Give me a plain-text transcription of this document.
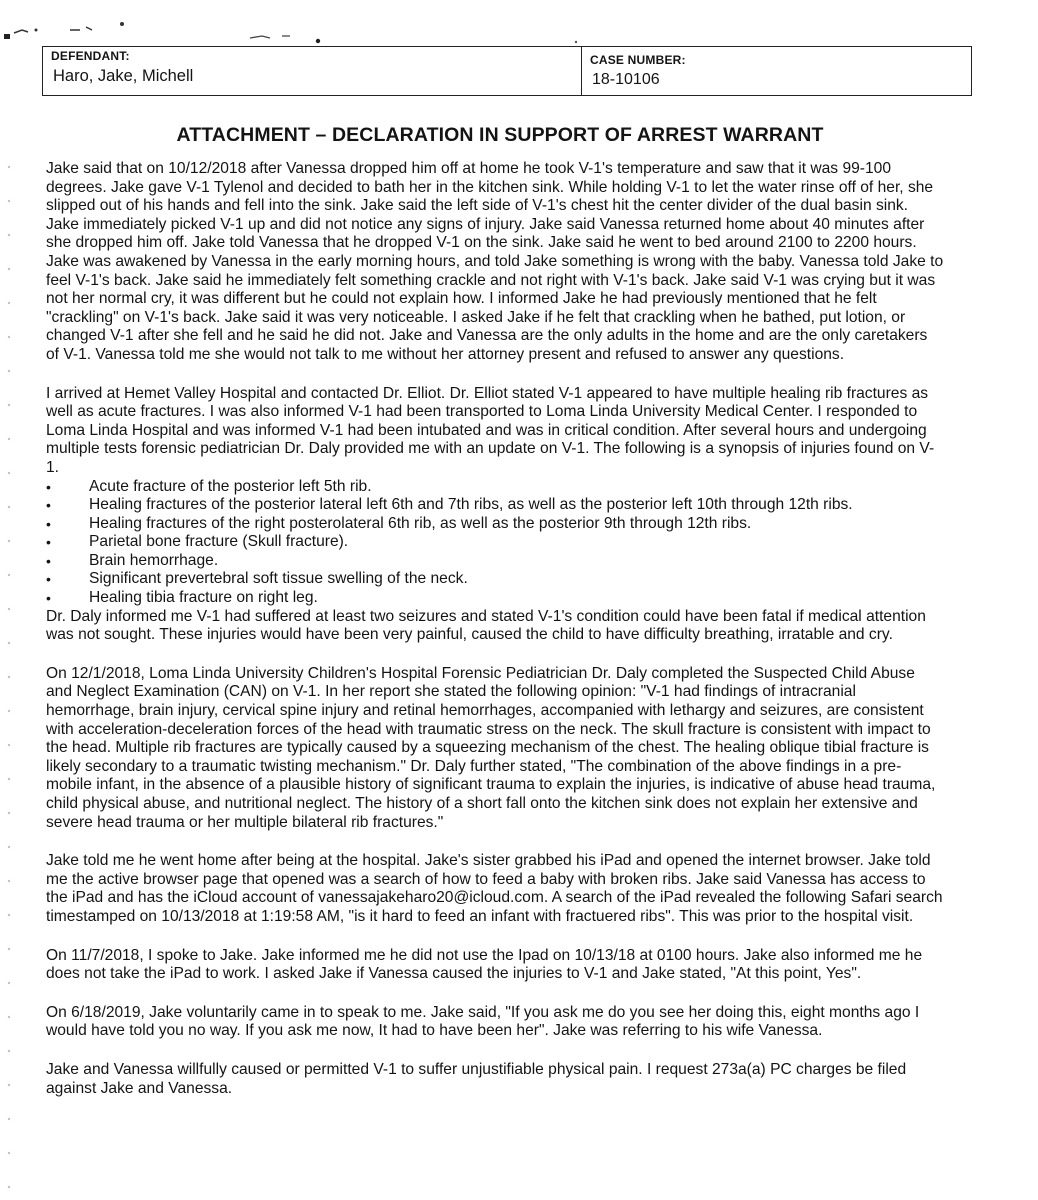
DEFENDANT:
Haro, Jake, Michell
CASE NUMBER:
18-10106
ATTACHMENT – DECLARATION IN SUPPORT OF ARREST WARRANT

Jake said that on 10/12/2018 after Vanessa dropped him off at home he took V-1's temperature and saw that it was 99-100 degrees. Jake gave V-1 Tylenol and decided to bath her in the kitchen sink. While holding V-1 to let the water rinse off of her, she slipped out of his hands and fell into the sink. Jake said the left side of V-1's chest hit the center divider of the dual basin sink. Jake immediately picked V-1 up and did not notice any signs of injury. Jake said Vanessa returned home about 40 minutes after she dropped him off. Jake told Vanessa that he dropped V-1 on the sink. Jake said he went to bed around 2100 to 2200 hours. Jake was awakened by Vanessa in the early morning hours, and told Jake something is wrong with the baby. Vanessa told Jake to feel V-1's back. Jake said he immediately felt something crackle and not right with V-1's back. Jake said V-1 was crying but it was not her normal cry, it was different but he could not explain how. I informed Jake he had previously mentioned that he felt "crackling" on V-1's back. Jake said it was very noticeable. I asked Jake if he felt that crackling when he bathed, put lotion, or changed V-1 after she fell and he said he did not. Jake and Vanessa are the only adults in the home and are the only caretakers of V-1. Vanessa told me she would not talk to me without her attorney present and refused to answer any questions.

I arrived at Hemet Valley Hospital and contacted Dr. Elliot. Dr. Elliot stated V-1 appeared to have multiple healing rib fractures as well as acute fractures. I was also informed V-1 had been transported to Loma Linda University Medical Center. I responded to Loma Linda Hospital and was informed V-1 had been intubated and was in critical condition. After several hours and undergoing multiple tests forensic pediatrician Dr. Daly provided me with an update on V-1. The following is a synopsis of injuries found on V-1.

• Acute fracture of the posterior left 5th rib.
• Healing fractures of the posterior lateral left 6th and 7th ribs, as well as the posterior left 10th through 12th ribs.
• Healing fractures of the right posterolateral 6th rib, as well as the posterior 9th through 12th ribs.
• Parietal bone fracture (Skull fracture).
• Brain hemorrhage.
• Significant prevertebral soft tissue swelling of the neck.
• Healing tibia fracture on right leg.

Dr. Daly informed me V-1 had suffered at least two seizures and stated V-1's condition could have been fatal if medical attention was not sought. These injuries would have been very painful, caused the child to have difficulty breathing, irratable and cry.

On 12/1/2018, Loma Linda University Children's Hospital Forensic Pediatrician Dr. Daly completed the Suspected Child Abuse and Neglect Examination (CAN) on V-1. In her report she stated the following opinion: "V-1 had findings of intracranial hemorrhage, brain injury, cervical spine injury and retinal hemorrhages, accompanied with lethargy and seizures, are consistent with acceleration-deceleration forces of the head with traumatic stress on the neck. The skull fracture is consistent with impact to the head. Multiple rib fractures are typically caused by a squeezing mechanism of the chest. The healing oblique tibial fracture is likely secondary to a traumatic twisting mechanism." Dr. Daly further stated, "The combination of the above findings in a pre-mobile infant, in the absence of a plausible history of significant trauma to explain the injuries, is indicative of abuse head trauma, child physical abuse, and nutritional neglect. The history of a short fall onto the kitchen sink does not explain her extensive and severe head trauma or her multiple bilateral rib fractures."

Jake told me he went home after being at the hospital. Jake's sister grabbed his iPad and opened the internet browser. Jake told me the active browser page that opened was a search of how to feed a baby with broken ribs. Jake said Vanessa has access to the iPad and has the iCloud account of vanessajakeharo20@icloud.com. A search of the iPad revealed the following Safari search timestamped on 10/13/2018 at 1:19:58 AM, "is it hard to feed an infant with fractuered ribs". This was prior to the hospital visit.

On 11/7/2018, I spoke to Jake. Jake informed me he did not use the Ipad on 10/13/18 at 0100 hours. Jake also informed me he does not take the iPad to work. I asked Jake if Vanessa caused the injuries to V-1 and Jake stated, "At this point, Yes".

On 6/18/2019, Jake voluntarily came in to speak to me. Jake said, "If you ask me do you see her doing this, eight months ago I would have told you no way. If you ask me now, It had to have been her". Jake was referring to his wife Vanessa.

Jake and Vanessa willfully caused or permitted V-1 to suffer unjustifiable physical pain. I request 273a(a) PC charges be filed against Jake and Vanessa.
